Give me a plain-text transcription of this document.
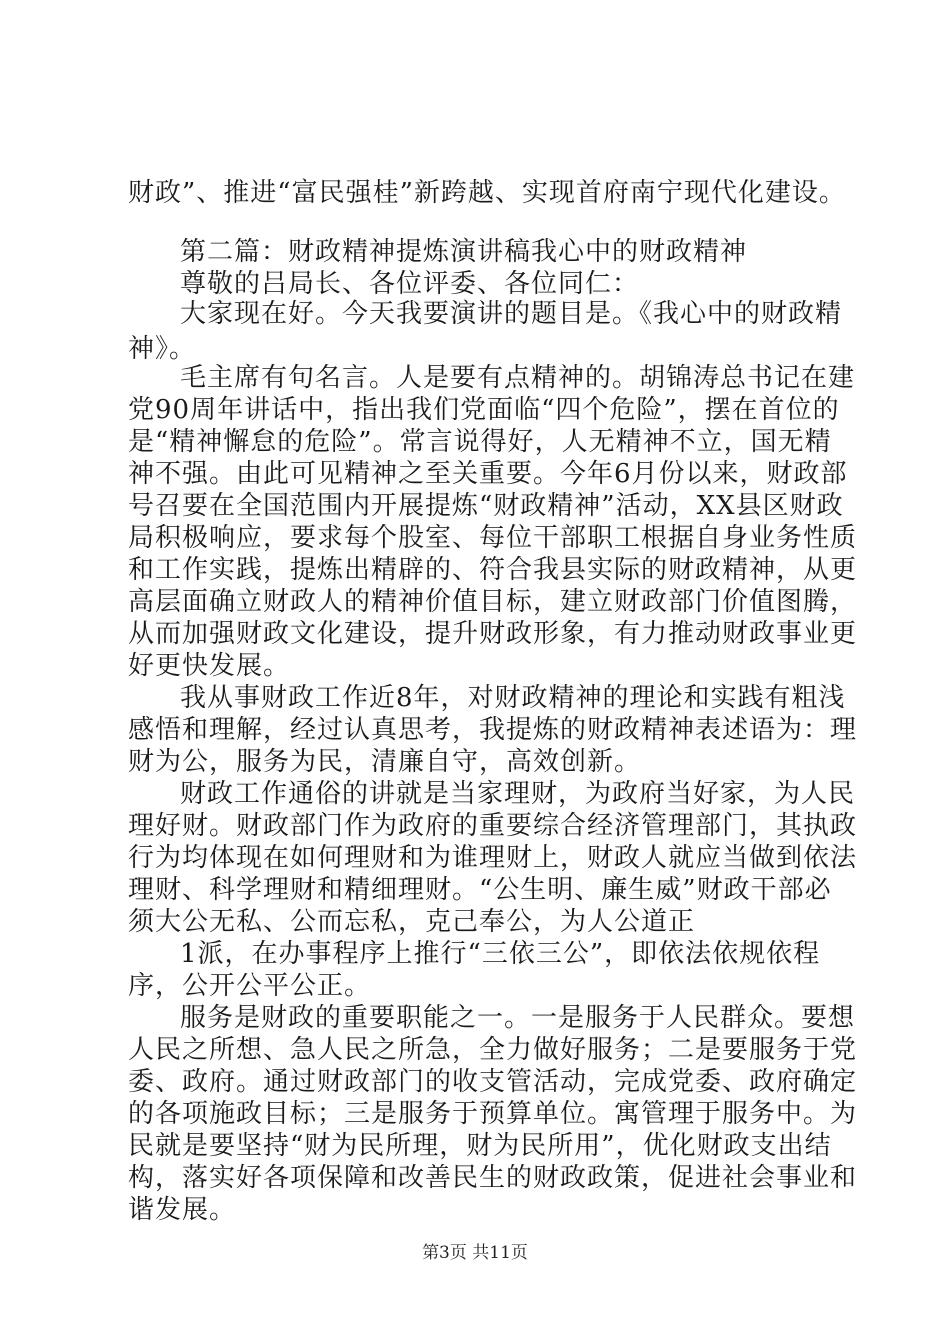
财政”、推进“富民强桂”新跨越、实现首府南宁现代化建设。
第二篇：财政精神提炼演讲稿我心中的财政精神
尊敬的吕局长、各位评委、各位同仁：
大家现在好。今天我要演讲的题目是。《我心中的财政精
神》。
毛主席有句名言。人是要有点精神的。胡锦涛总书记在建
党90周年讲话中，指出我们党面临“四个危险”，摆在首位的
是“精神懈怠的危险”。常言说得好，人无精神不立，国无精
神不强。由此可见精神之至关重要。今年6月份以来，财政部
号召要在全国范围内开展提炼“财政精神”活动，XX县区财政
局积极响应，要求每个股室、每位干部职工根据自身业务性质
和工作实践，提炼出精辟的、符合我县实际的财政精神，从更
高层面确立财政人的精神价值目标，建立财政部门价值图腾，
从而加强财政文化建设，提升财政形象，有力推动财政事业更
好更快发展。
我从事财政工作近8年，对财政精神的理论和实践有粗浅
感悟和理解，经过认真思考，我提炼的财政精神表述语为：理
财为公，服务为民，清廉自守，高效创新。
财政工作通俗的讲就是当家理财，为政府当好家，为人民
理好财。财政部门作为政府的重要综合经济管理部门，其执政
行为均体现在如何理财和为谁理财上，财政人就应当做到依法
理财、科学理财和精细理财。“公生明、廉生威”财政干部必
须大公无私、公而忘私，克己奉公，为人公道正
1派，在办事程序上推行“三依三公”，即依法依规依程
序，公开公平公正。
服务是财政的重要职能之一。一是服务于人民群众。要想
人民之所想、急人民之所急，全力做好服务；二是要服务于党
委、政府。通过财政部门的收支管活动，完成党委、政府确定
的各项施政目标；三是服务于预算单位。寓管理于服务中。为
民就是要坚持“财为民所理，财为民所用”，优化财政支出结
构，落实好各项保障和改善民生的财政政策，促进社会事业和
谐发展。
第3页 共11页
